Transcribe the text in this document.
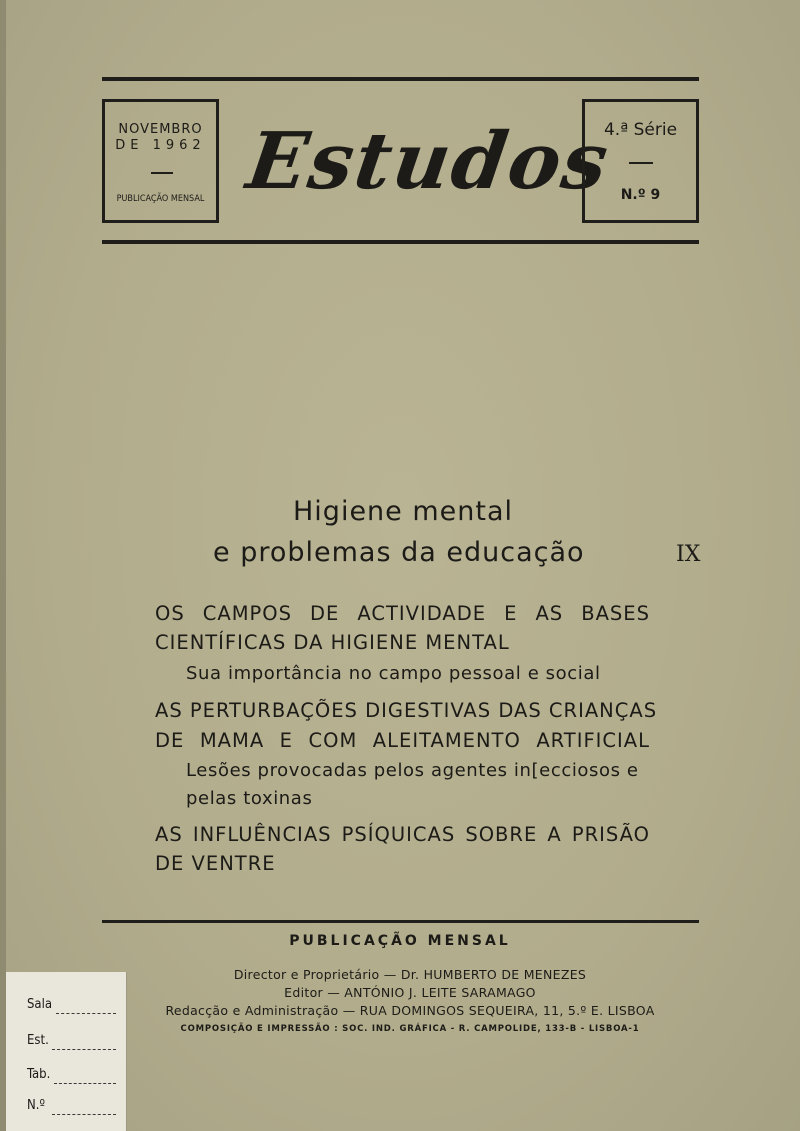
NOVEMBRO
DE 1962
PUBLICAÇÃO MENSAL Estudos
4.ª Série
N.º 9
Higiene mental
e problemas da educação	IX
OS CAMPOS DE ACTIVIDADE E AS BASES
CIENTÍFICAS DA HIGIENE MENTAL
Sua importância no campo pessoal e social
AS PERTURBAÇÕES DIGESTIVAS DAS CRIANÇAS
DE MAMA E COM ALEITAMENTO ARTIFICIAL
Lesões provocadas pelos agentes in[ecciosos e
pelas toxinas
AS INFLUÊNCIAS PSÍQUICAS SOBRE A PRISÃO
DE VENTRE
PUBLICAÇÃO MENSAL
Director e Proprietário — Dr. HUMBERTO DE MENEZES
Editor — ANTÓNIO J. LEITE SARAMAGO
Redacção e Administração — RUA DOMINGOS SEQUEIRA, 11, 5.º E. LISBOA
COMPOSIÇÃO E IMPRESSÃO : SOC. IND. GRÁFICA - R. CAMPOLIDE, 133-B - LISBOA-1
Sala
Est.
Tab.
N.º
